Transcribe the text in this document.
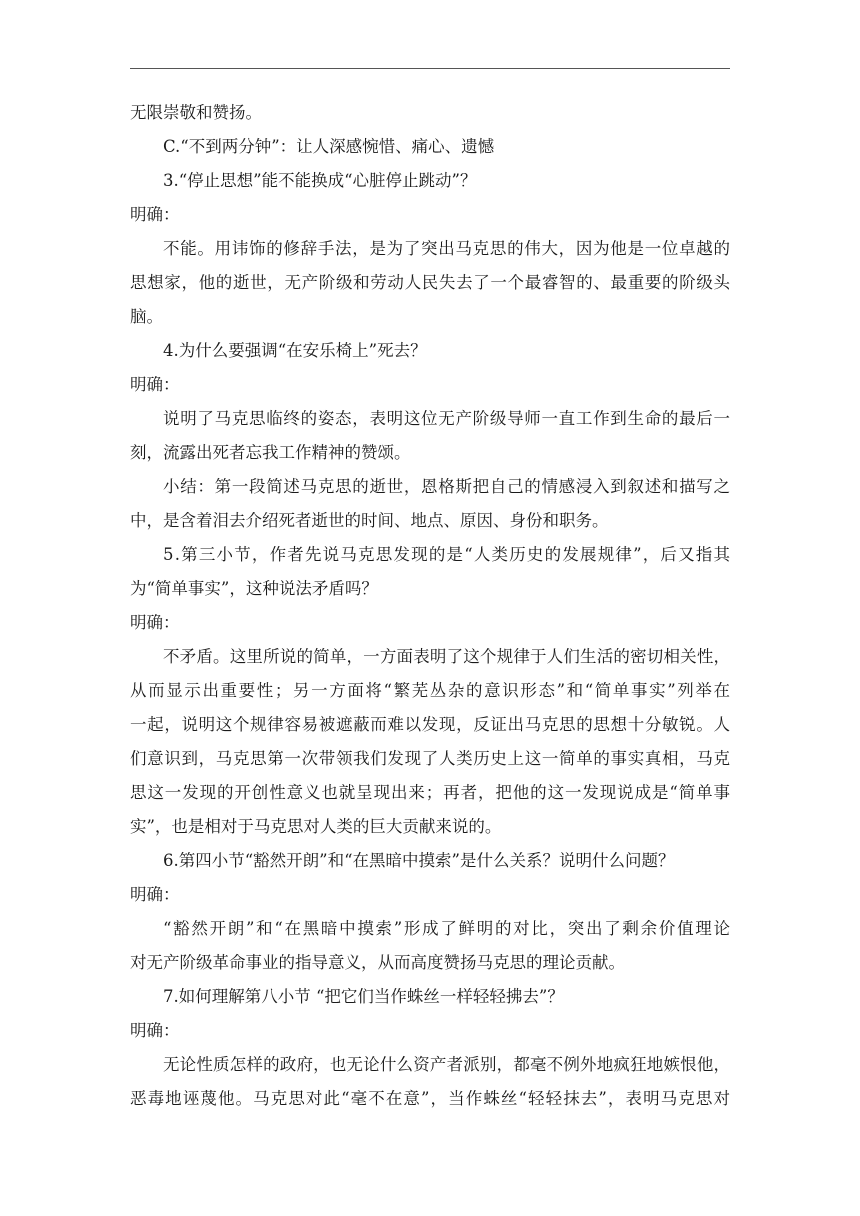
无限崇敬和赞扬。
C.“不到两分钟”：让人深感惋惜、痛心、遗憾
3.“停止思想”能不能换成“心脏停止跳动”？
明确：
不能。用讳饰的修辞手法，是为了突出马克思的伟大，因为他是一位卓越的
思想家，他的逝世，无产阶级和劳动人民失去了一个最睿智的、最重要的阶级头
脑。
4.为什么要强调“在安乐椅上”死去？
明确：
说明了马克思临终的姿态，表明这位无产阶级导师一直工作到生命的最后一
刻，流露出死者忘我工作精神的赞颂。
小结：第一段简述马克思的逝世，恩格斯把自己的情感浸入到叙述和描写之
中，是含着泪去介绍死者逝世的时间、地点、原因、身份和职务。
5.第三小节，作者先说马克思发现的是“人类历史的发展规律”，后又指其
为“简单事实”，这种说法矛盾吗？
明确：
不矛盾。这里所说的简单，一方面表明了这个规律于人们生活的密切相关性，
从而显示出重要性；另一方面将“繁芜丛杂的意识形态”和“简单事实”列举在
一起，说明这个规律容易被遮蔽而难以发现，反证出马克思的思想十分敏锐。人
们意识到，马克思第一次带领我们发现了人类历史上这一简单的事实真相，马克
思这一发现的开创性意义也就呈现出来；再者，把他的这一发现说成是“简单事
实”，也是相对于马克思对人类的巨大贡献来说的。
6.第四小节“豁然开朗”和“在黑暗中摸索”是什么关系？说明什么问题？
明确：
“豁然开朗”和“在黑暗中摸索”形成了鲜明的对比，突出了剩余价值理论
对无产阶级革命事业的指导意义，从而高度赞扬马克思的理论贡献。
7.如何理解第八小节 “把它们当作蛛丝一样轻轻拂去”？
明确：
无论性质怎样的政府，也无论什么资产者派别，都毫不例外地疯狂地嫉恨他，
恶毒地诬蔑他。马克思对此“毫不在意”，当作蛛丝“轻轻抹去”，表明马克思对
